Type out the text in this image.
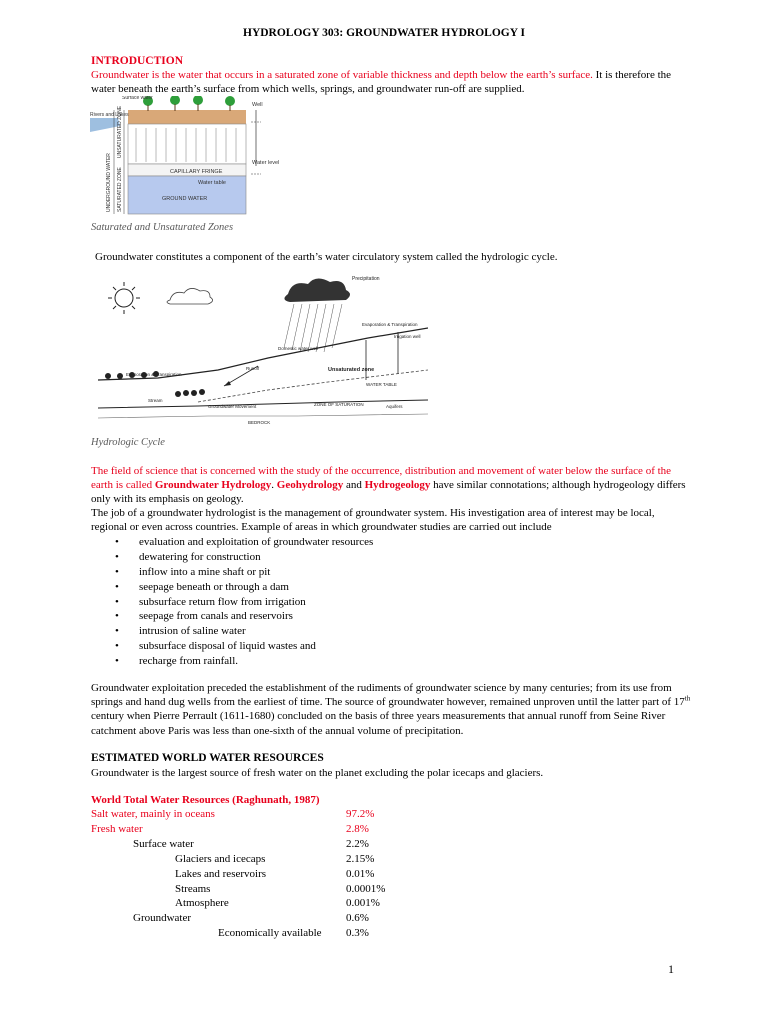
HYDROLOGY 303: GROUNDWATER HYDROLOGY I
INTRODUCTION
Groundwater is the water that occurs in a saturated zone of variable thickness and depth below the earth’s surface. It is therefore the water beneath the earth’s surface from which wells, springs, and groundwater run-off are supplied.
Surface water
Rivers and Lakes
Well
UNDERGROUND WATER
UNSATURATED ZONE
SATURATED ZONE	CAPILLARY FRINGE
Water table
Water level
GROUND WATER
Saturated and Unsaturated Zones
Groundwater constitutes a component of the earth’s water circulatory system called the hydrologic cycle.
Precipitation
Evaporation & Transpiration
Irrigation well
Domestic water well
Evaporation & Transpiration
Runoff	Unsaturated zone
WATER TABLE
Stream
Groundwater Movement	ZONE OF SATURATION	Aquifers
BEDROCK
Hydrologic Cycle
The field of science that is concerned with the study of the occurrence, distribution and movement of water below the surface of the earth is called Groundwater Hydrology. Geohydrology and Hydrogeology have similar connotations; although hydrogeology differs only with its emphasis on geology.
The job of a groundwater hydrologist is the management of groundwater system. His investigation area of interest may be local, regional or even across countries. Example of areas in which groundwater studies are carried out include
• evaluation and exploitation of groundwater resources
• dewatering for construction
• inflow into a mine shaft or pit
• seepage beneath or through a dam
• subsurface return flow from irrigation
• seepage from canals and reservoirs
• intrusion of saline water
• subsurface disposal of liquid wastes and
• recharge from rainfall.
Groundwater exploitation preceded the establishment of the rudiments of groundwater science by many centuries; from its use from springs and hand dug wells from the earliest of time. The source of groundwater however, remained unproven until the latter part of 17th century when Pierre Perrault (1611-1680) concluded on the basis of three years measurements that annual runoff from Seine River catchment above Paris was less than one-sixth of the annual volume of precipitation.
ESTIMATED WORLD WATER RESOURCES
Groundwater is the largest source of fresh water on the planet excluding the polar icecaps and glaciers.
World Total Water Resources (Raghunath, 1987)
Salt water, mainly in oceans	97.2%
Fresh water	2.8%
Surface water	2.2%
Glaciers and icecaps	2.15%
Lakes and reservoirs	0.01%
Streams	0.0001%
Atmosphere	0.001%
Groundwater	0.6%
Economically available 0.3%
1
